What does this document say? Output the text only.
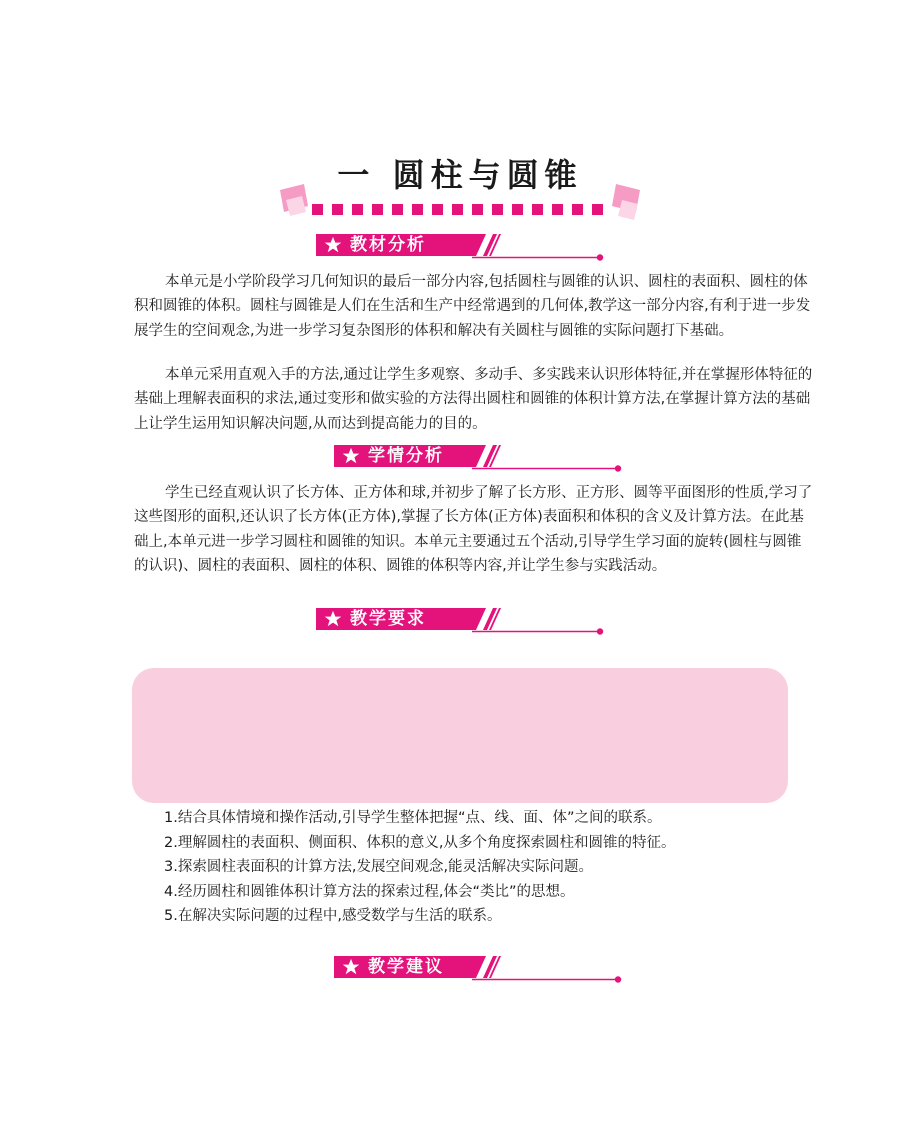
一 圆柱与圆锥
教材分析

本单元是小学阶段学习几何知识的最后一部分内容,包括圆柱与圆锥的认识、圆柱的表面积、圆柱的体积和圆锥的体积。圆柱与圆锥是人们在生活和生产中经常遇到的几何体,教学这一部分内容,有利于进一步发展学生的空间观念,为进一步学习复杂图形的体积和解决有关圆柱与圆锥的实际问题打下基础。

本单元采用直观入手的方法,通过让学生多观察、多动手、多实践来认识形体特征,并在掌握形体特征的基础上理解表面积的求法,通过变形和做实验的方法得出圆柱和圆锥的体积计算方法,在掌握计算方法的基础上让学生运用知识解决问题,从而达到提高能力的目的。

学情分析

学生已经直观认识了长方体、正方体和球,并初步了解了长方形、正方形、圆等平面图形的性质,学习了这些图形的面积,还认识了长方体(正方体),掌握了长方体(正方体)表面积和体积的含义及计算方法。在此基础上,本单元进一步学习圆柱和圆锥的知识。本单元主要通过五个活动,引导学生学习面的旋转(圆柱与圆锥的认识)、圆柱的表面积、圆柱的体积、圆锥的体积等内容,并让学生参与实践活动。

教学要求
1.结合具体情境和操作活动,引导学生整体把握“点、线、面、体”之间的联系。
2.理解圆柱的表面积、侧面积、体积的意义,从多个角度探索圆柱和圆锥的特征。
3.探索圆柱表面积的计算方法,发展空间观念,能灵活解决实际问题。
4.经历圆柱和圆锥体积计算方法的探索过程,体会“类比”的思想。
5.在解决实际问题的过程中,感受数学与生活的联系。
教学建议
